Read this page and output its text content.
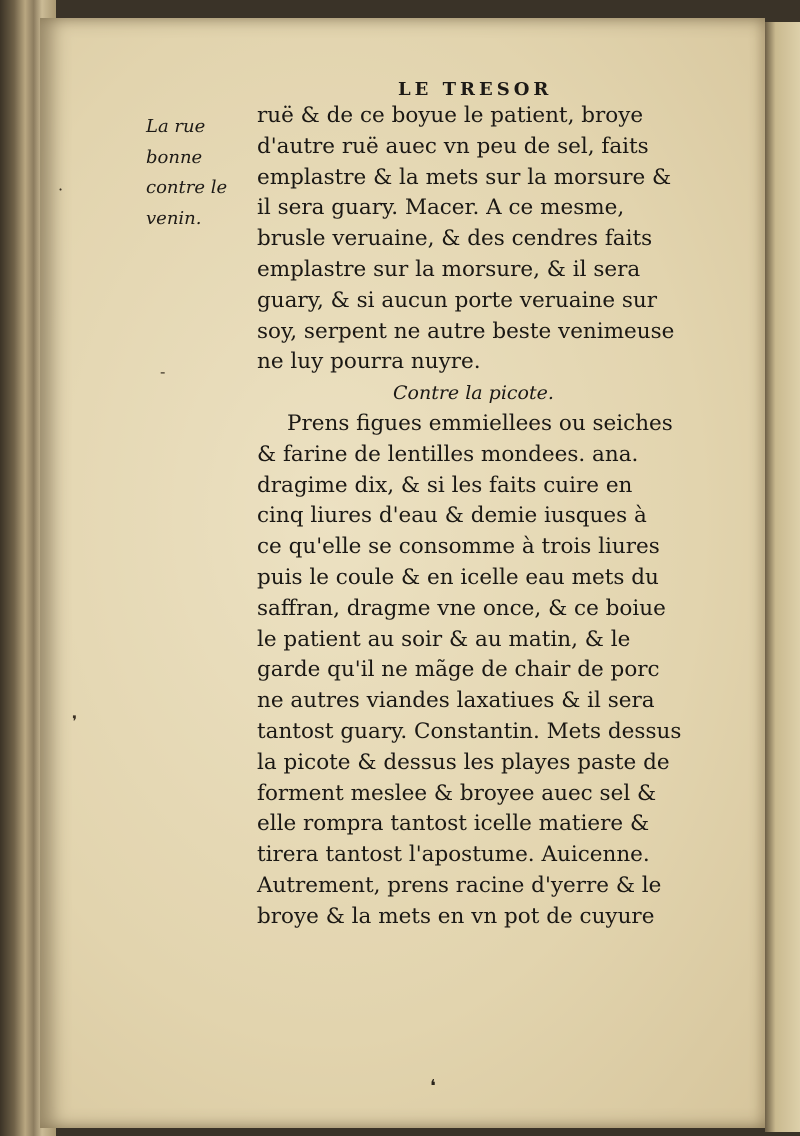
LE TRESOR
La rue
bonne
contre le
venin.
ruë & de ce boyue le patient, broye
d'autre ruë auec vn peu de sel, faits
emplastre & la mets sur la morsure &
il sera guary. Macer. A ce mesme,
brusle veruaine, & des cendres faits
emplastre sur la morsure, & il sera
guary, & si aucun porte veruaine sur
soy, serpent ne autre beste venimeuse
ne luy pourra nuyre.
Contre la picote.
Prens figues emmiellees ou seiches
& farine de lentilles mondees. ana.
dragime dix, & si les faits cuire en
cinq liures d'eau & demie iusques à
ce qu'elle se consomme à trois liures
puis le coule & en icelle eau mets du
saffran, dragme vne once, & ce boiue
le patient au soir & au matin, & le
garde qu'il ne mãge de chair de porc
ne autres viandes laxatiues & il sera
tantost guary. Constantin. Mets dessus
la picote & dessus les playes paste de
forment meslee & broyee auec sel &
elle rompra tantost icelle matiere &
tirera tantost l'apostume. Auicenne.
Autrement, prens racine d'yerre & le
broye & la mets en vn pot de cuyure
❛
·
❜
-
